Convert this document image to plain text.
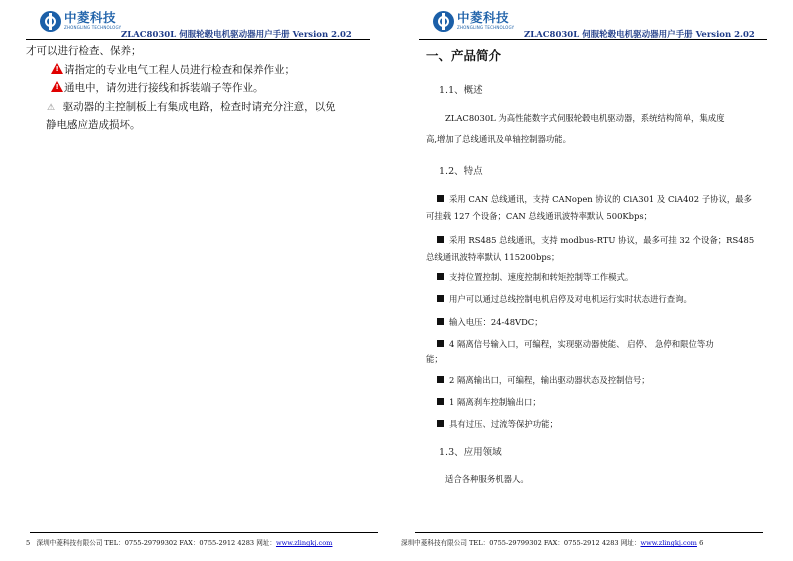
中菱科技
ZHONGLING TECHNOLOGY
ZLAC8030L 伺服轮毂电机驱动器用户手册 Version 2.02
才可以进行检查、保养；
!请指定的专业电气工程人员进行检查和保养作业；
!通电中，请勿进行接线和拆装端子等作业。
⚠ 驱动器的主控制板上有集成电路，检查时请充分注意，以免
静电感应造成损坏。
5 深圳中菱科技有限公司 TEL：0755-29799302 FAX：0755-2912 4283 网址：www.zlingkj.com
中菱科技
ZHONGLING TECHNOLOGY
ZLAC8030L 伺服轮毂电机驱动器用户手册 Version 2.02
一、产品简介
1.1、概述
ZLAC8030L 为高性能数字式伺服轮毂电机驱动器，系统结构简单，集成度
高,增加了总线通讯及单轴控制器功能。
1.2、特点
采用 CAN 总线通讯，支持 CANopen 协议的 CiA301 及 CiA402 子协议，最多
可挂载 127 个设备；CAN 总线通讯波特率默认 500Kbps；
采用 RS485 总线通讯，支持 modbus-RTU 协议，最多可挂 32 个设备；RS485
总线通讯波特率默认 115200bps；
支持位置控制、速度控制和转矩控制等工作模式。
用户可以通过总线控制电机启停及对电机运行实时状态进行查询。
输入电压：24-48VDC；
4 隔离信号输入口，可编程，实现驱动器使能、 启停、 急停和限位等功
能；
2 隔离输出口，可编程，输出驱动器状态及控制信号；
1 隔离刹车控制输出口；
具有过压、过流等保护功能；
1.3、应用领域
适合各种服务机器人。
深圳中菱科技有限公司 TEL：0755-29799302 FAX：0755-2912 4283 网址：www.zlingkj.com 6
